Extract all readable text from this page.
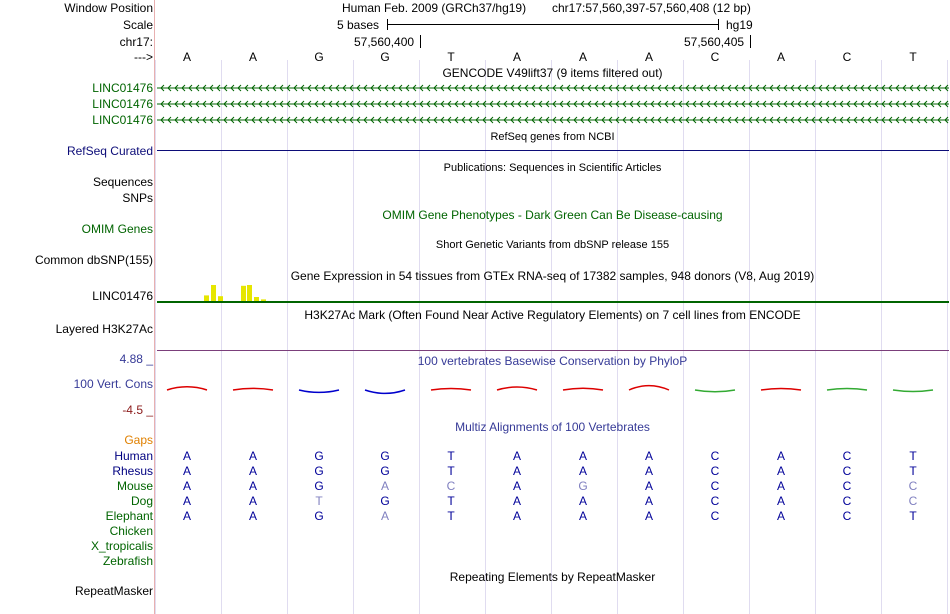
Window Position	Human Feb. 2009 (GRCh37/hg19) chr17:57,560,397-57,560,408 (12 bp)
Scale	5 bases	hg19
chr17:	57,560,400	57,560,405
---> A	A	G	G	T	A	A	A	C	A	C	T
GENCODE V49lift37 (9 items filtered out)
LINC01476
LINC01476
LINC01476
RefSeq genes from NCBI
RefSeq Curated
Publications: Sequences in Scientific Articles
Sequences
SNPs
OMIM Gene Phenotypes - Dark Green Can Be Disease-causing
OMIM Genes
Short Genetic Variants from dbSNP release 155
Common dbSNP(155)
Gene Expression in 54 tissues from GTEx RNA-seq of 17382 samples, 948 donors (V8, Aug 2019)
LINC01476
H3K27Ac Mark (Often Found Near Active Regulatory Elements) on 7 cell lines from ENCODE
Layered H3K27Ac
4.88 _	100 vertebrates Basewise Conservation by PhyloP
100 Vert. Cons
-4.5 _
Multiz Alignments of 100 Vertebrates
Gaps
Human A	A	G	G	T	A	A	A	C	A	C	T
Rhesus A	A	G	G	T	A	A	A	C	A	C	T
Mouse A	A	G	A	C	A	G	A	C	A	C	C
Dog A	A	T	G	T	A	A	A	C	A	C	C
Elephant A	A	G	A	T	A	A	A	C	A	C	T
Chicken
X_tropicalis
Zebrafish
Repeating Elements by RepeatMasker
RepeatMasker
